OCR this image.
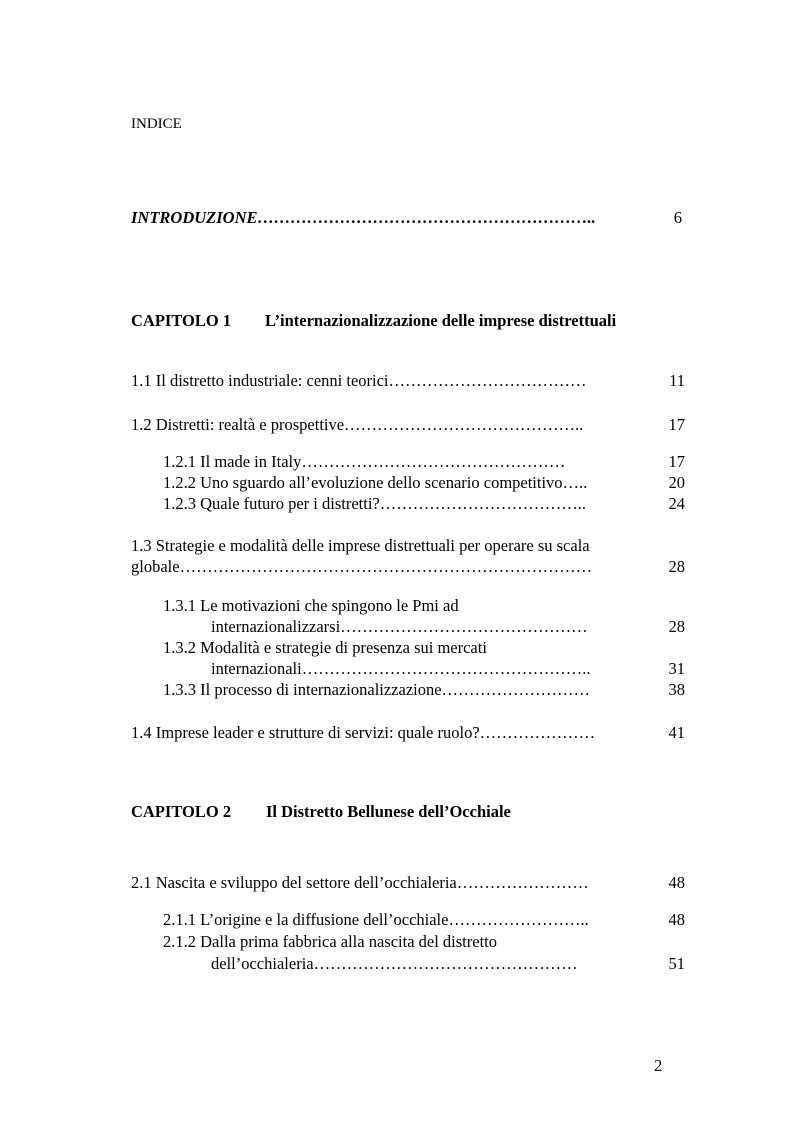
INDICE
INTRODUZIONE……………………………………………………..	6
CAPITOLO 1 L’internazionalizzazione delle imprese distrettuali
1.1 Il distretto industriale: cenni teorici………………………………	11
1.2 Distretti: realtà e prospettive……………………………………..	17
1.2.1 Il made in Italy…………………………………………	17
1.2.2 Uno sguardo all’evoluzione dello scenario competitivo…..	20
1.2.3 Quale futuro per i distretti?………………………………..	24
1.3 Strategie e modalità delle imprese distrettuali per operare su scala
globale…………………………………………………………………	28
1.3.1 Le motivazioni che spingono le Pmi ad
internazionalizzarsi………………………………………	28
1.3.2 Modalità e strategie di presenza sui mercati
internazionali……………………………………………..	31
1.3.3 Il processo di internazionalizzazione………………………	38
1.4 Imprese leader e strutture di servizi: quale ruolo?…………………	41
CAPITOLO 2 Il Distretto Bellunese dell’Occhiale
2.1 Nascita e sviluppo del settore dell’occhialeria……………………	48
2.1.1 L’origine e la diffusione dell’occhiale……………………..	48
2.1.2 Dalla prima fabbrica alla nascita del distretto
dell’occhialeria…………………………………………	51
2
